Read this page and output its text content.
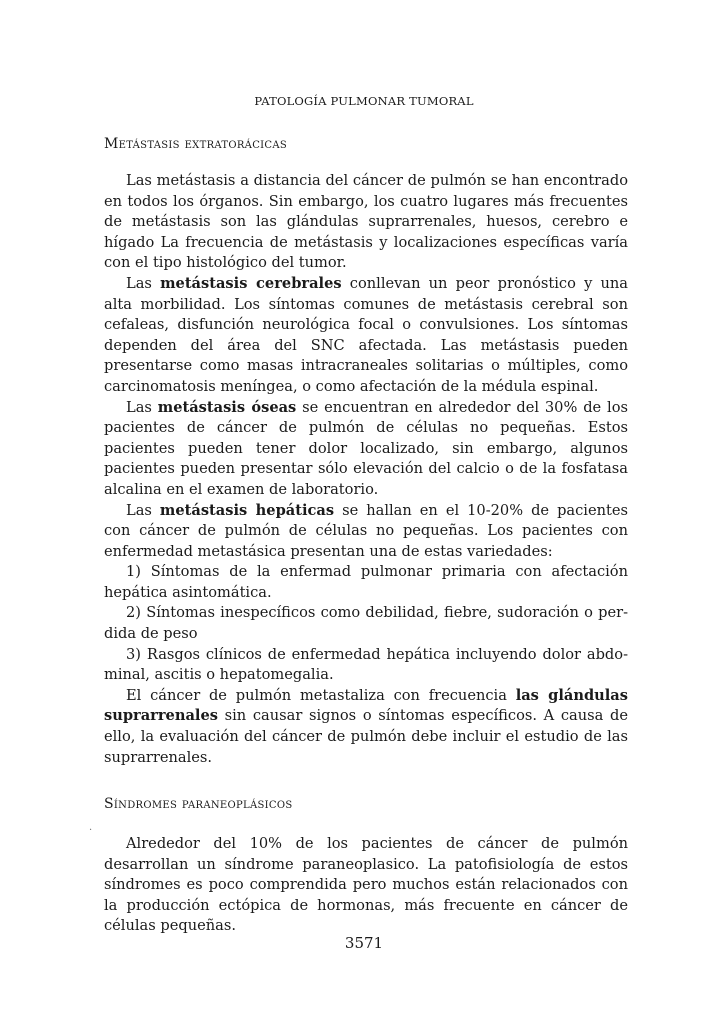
PATOLOGÍA PULMONAR TUMORAL
Metástasis extratorácicas

Las metástasis a distancia del cáncer de pulmón se han encontrado en todos los órganos. Sin embargo, los cuatro lugares más frecuentes de metástasis son las glándulas suprarrenales, huesos, cerebro e hígado La frecuencia de metástasis y localizaciones específicas varía con el tipo histológico del tumor.

Las metástasis cerebrales conllevan un peor pronóstico y una alta morbilidad. Los síntomas comunes de metástasis cerebral son cefaleas, disfunción neurológica focal o convulsiones. Los síntomas dependen del área del SNC afectada. Las metástasis pueden presentarse como masas intracraneales solitarias o múltiples, como carcinomatosis meníngea, o como afectación de la médula espinal.

Las metástasis óseas se encuentran en alrededor del 30% de los pacientes de cáncer de pulmón de células no pequeñas. Estos pacientes pueden tener dolor localizado, sin embargo, algunos pacientes pueden presentar sólo elevación del calcio o de la fosfatasa alcalina en el examen de laboratorio.

Las metástasis hepáticas se hallan en el 10-20% de pacientes con cáncer de pulmón de células no pequeñas. Los pacientes con enfermedad metastásica presentan una de estas variedades:

1) Síntomas de la enfermad pulmonar primaria con afectación hepática asintomática.

2) Síntomas inespecíficos como debilidad, fiebre, sudoración o perdida de peso

3) Rasgos clínicos de enfermedad hepática incluyendo dolor abdominal, ascitis o hepatomegalia.

El cáncer de pulmón metastaliza con frecuencia las glándulas suprarrenales sin causar signos o síntomas específicos. A causa de ello, la evaluación del cáncer de pulmón debe incluir el estudio de las suprarrenales.

Síndromes paraneoplásicos
·

Alrededor del 10% de los pacientes de cáncer de pulmón desarrollan un síndrome paraneoplasico. La patofisiología de estos síndromes es poco comprendida pero muchos están relacionados con la producción ectópica de hormonas, más frecuente en cáncer de células pequeñas.

3571
